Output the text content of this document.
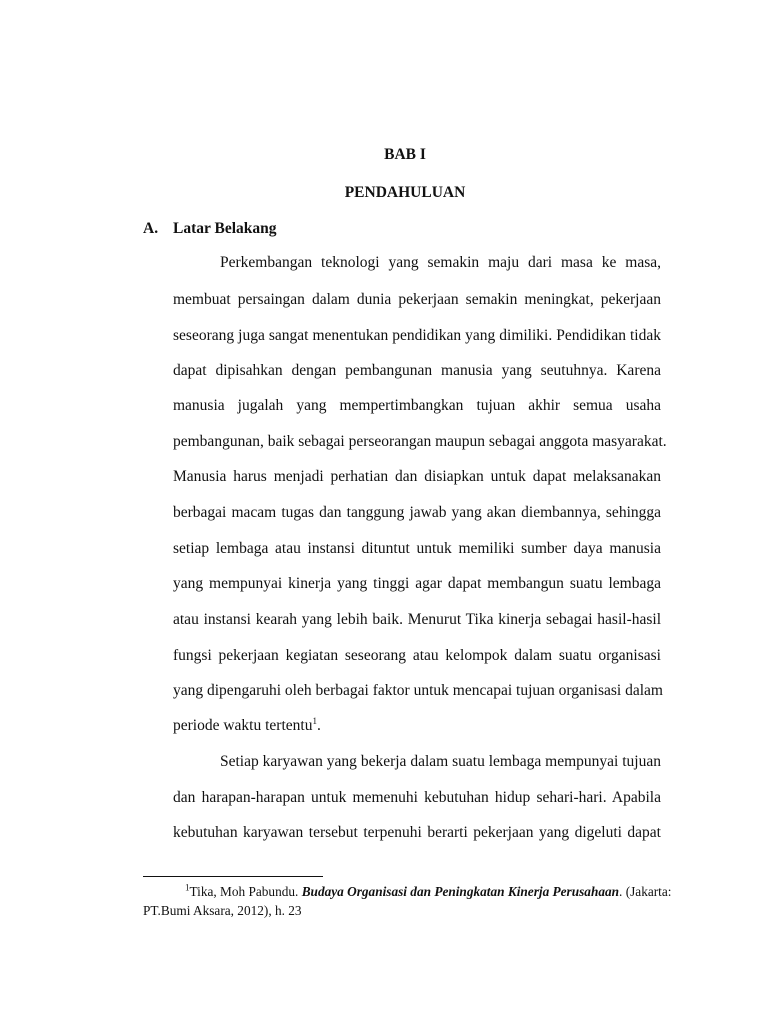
BAB I
PENDAHULUAN
A. Latar Belakang
Perkembangan teknologi yang semakin maju dari masa ke masa,
membuat persaingan dalam dunia pekerjaan semakin meningkat, pekerjaan
seseorang juga sangat menentukan pendidikan yang dimiliki. Pendidikan tidak
dapat dipisahkan dengan pembangunan manusia yang seutuhnya. Karena
manusia jugalah yang mempertimbangkan tujuan akhir semua usaha
pembangunan, baik sebagai perseorangan maupun sebagai anggota masyarakat.
Manusia harus menjadi perhatian dan disiapkan untuk dapat melaksanakan
berbagai macam tugas dan tanggung jawab yang akan diembannya, sehingga
setiap lembaga atau instansi dituntut untuk memiliki sumber daya manusia
yang mempunyai kinerja yang tinggi agar dapat membangun suatu lembaga
atau instansi kearah yang lebih baik. Menurut Tika kinerja sebagai hasil-hasil
fungsi pekerjaan kegiatan seseorang atau kelompok dalam suatu organisasi
yang dipengaruhi oleh berbagai faktor untuk mencapai tujuan organisasi dalam
periode waktu tertentu$^1$.
Setiap karyawan yang bekerja dalam suatu lembaga mempunyai tujuan
dan harapan-harapan untuk memenuhi kebutuhan hidup sehari-hari. Apabila
kebutuhan karyawan tersebut terpenuhi berarti pekerjaan yang digeluti dapat
$^1$Tika, Moh Pabundu. Budaya Organisasi dan Peningkatan Kinerja Perusahaan. (Jakarta:
PT.Bumi Aksara, 2012), h. 23
